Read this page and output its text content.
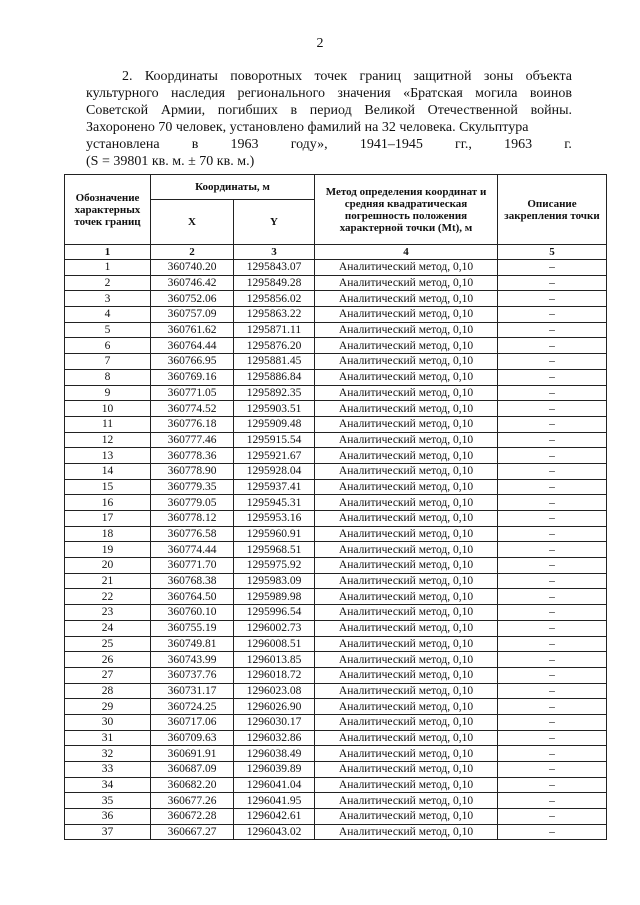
2

2. Координаты поворотных точек границ защитной зоны объекта культурного наследия регионального значения «Братская могила воинов Советской Армии, погибших в период Великой Отечественной войны. Захоронено 70 человек, установлено фамилий на 32 человека. Скульптура

установлена в 1963 году», 1941–1945 гг., 1963 г.

(S = 39801 кв. м. ± 70 кв. м.)

Обозначение характерных точек границ	Координаты, м		Метод определения координат и средняя квадратическая погрешность положения характерной точки (Мt), м	Описание закрепления точки
	X	Y		
1	2	3	4	5
1	360740.20	1295843.07	Аналитический метод, 0,10	–
2	360746.42	1295849.28	Аналитический метод, 0,10	–
3	360752.06	1295856.02	Аналитический метод, 0,10	–
4	360757.09	1295863.22	Аналитический метод, 0,10	–
5	360761.62	1295871.11	Аналитический метод, 0,10	–
6	360764.44	1295876.20	Аналитический метод, 0,10	–
7	360766.95	1295881.45	Аналитический метод, 0,10	–
8	360769.16	1295886.84	Аналитический метод, 0,10	–
9	360771.05	1295892.35	Аналитический метод, 0,10	–
10	360774.52	1295903.51	Аналитический метод, 0,10	–
11	360776.18	1295909.48	Аналитический метод, 0,10	–
12	360777.46	1295915.54	Аналитический метод, 0,10	–
13	360778.36	1295921.67	Аналитический метод, 0,10	–
14	360778.90	1295928.04	Аналитический метод, 0,10	–
15	360779.35	1295937.41	Аналитический метод, 0,10	–
16	360779.05	1295945.31	Аналитический метод, 0,10	–
17	360778.12	1295953.16	Аналитический метод, 0,10	–
18	360776.58	1295960.91	Аналитический метод, 0,10	–
19	360774.44	1295968.51	Аналитический метод, 0,10	–
20	360771.70	1295975.92	Аналитический метод, 0,10	–
21	360768.38	1295983.09	Аналитический метод, 0,10	–
22	360764.50	1295989.98	Аналитический метод, 0,10	–
23	360760.10	1295996.54	Аналитический метод, 0,10	–
24	360755.19	1296002.73	Аналитический метод, 0,10	–
25	360749.81	1296008.51	Аналитический метод, 0,10	–
26	360743.99	1296013.85	Аналитический метод, 0,10	–
27	360737.76	1296018.72	Аналитический метод, 0,10	–
28	360731.17	1296023.08	Аналитический метод, 0,10	–
29	360724.25	1296026.90	Аналитический метод, 0,10	–
30	360717.06	1296030.17	Аналитический метод, 0,10	–
31	360709.63	1296032.86	Аналитический метод, 0,10	–
32	360691.91	1296038.49	Аналитический метод, 0,10	–
33	360687.09	1296039.89	Аналитический метод, 0,10	–
34	360682.20	1296041.04	Аналитический метод, 0,10	–
35	360677.26	1296041.95	Аналитический метод, 0,10	–
36	360672.28	1296042.61	Аналитический метод, 0,10	–
37	360667.27	1296043.02	Аналитический метод, 0,10	–
